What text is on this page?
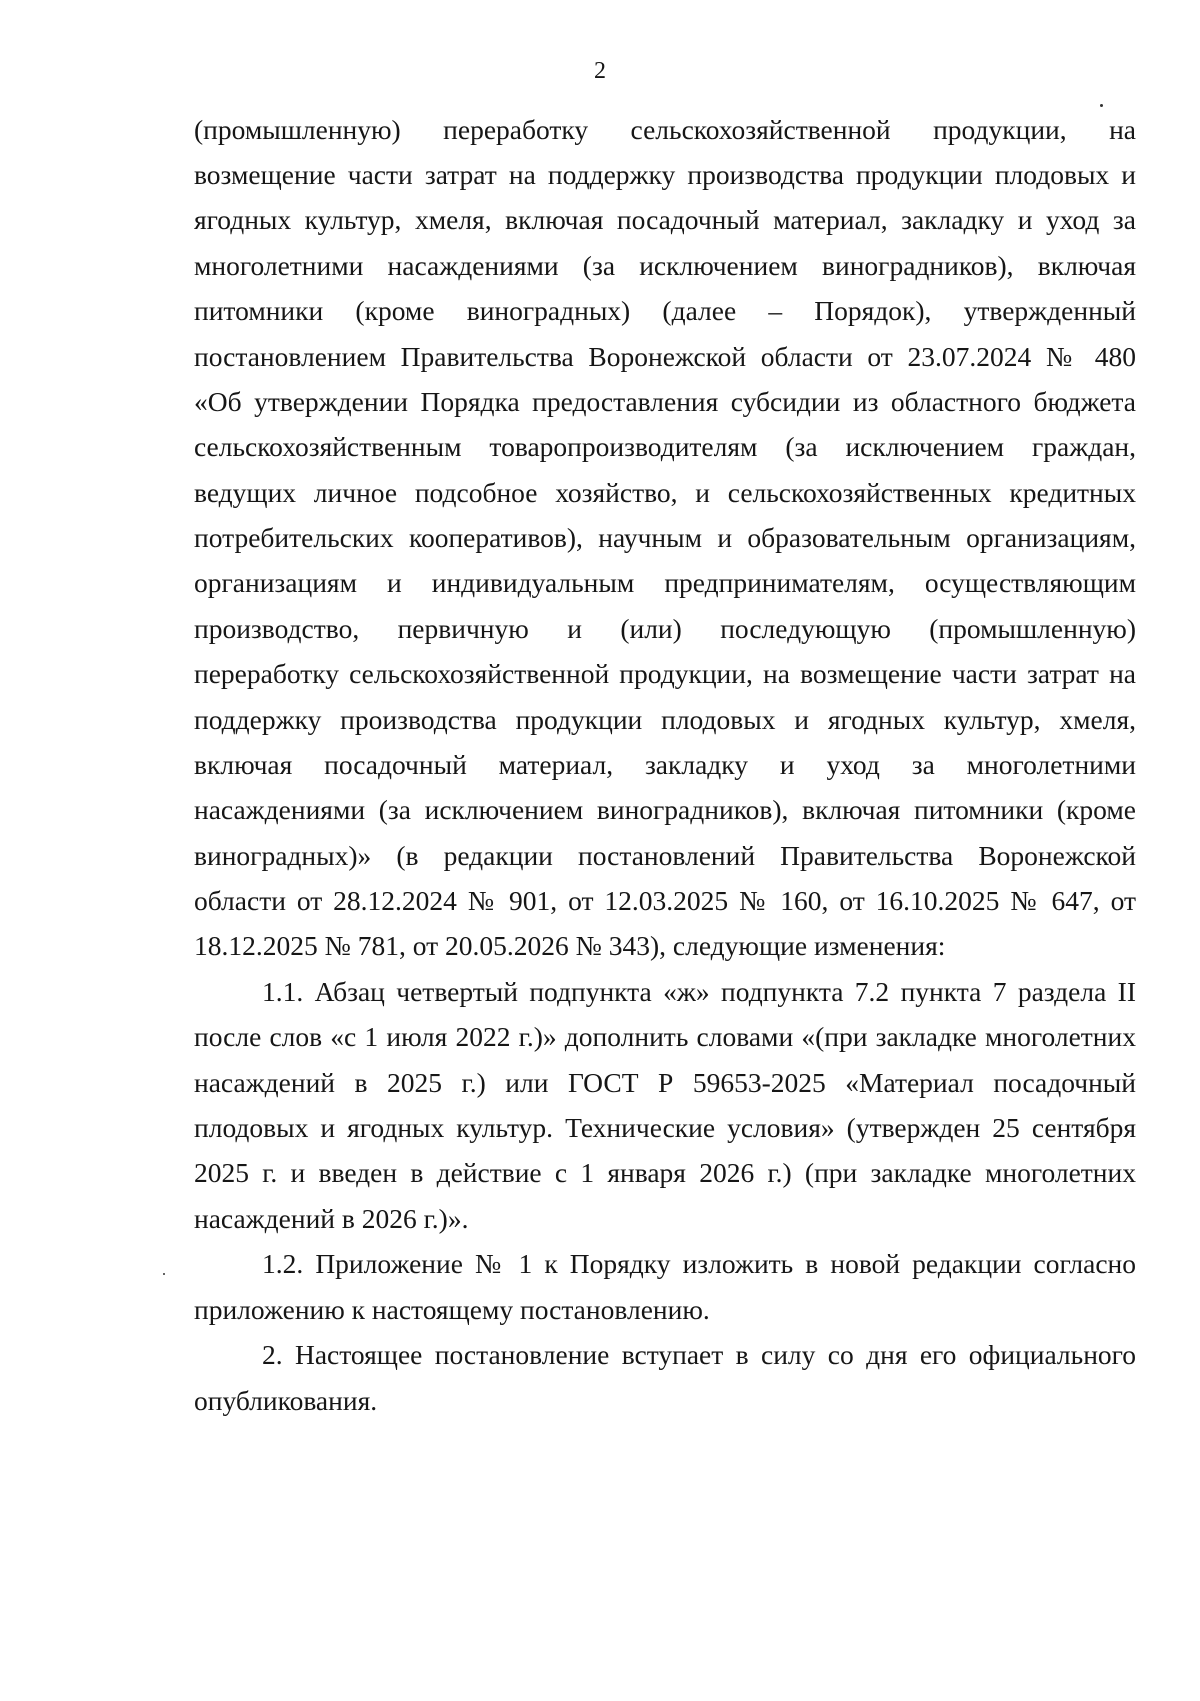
2
(промышленную) переработку сельскохозяйственной продукции, на
возмещение части затрат на поддержку производства продукции плодовых и
ягодных культур, хмеля, включая посадочный материал, закладку и уход за
многолетними насаждениями (за исключением виноградников), включая
питомники (кроме виноградных) (далее – Порядок), утвержденный
постановлением Правительства Воронежской области от 23.07.2024 № 480
«Об утверждении Порядка предоставления субсидии из областного бюджета
сельскохозяйственным товаропроизводителям (за исключением граждан,
ведущих личное подсобное хозяйство, и сельскохозяйственных кредитных
потребительских кооперативов), научным и образовательным организациям,
организациям и индивидуальным предпринимателям, осуществляющим
производство, первичную и (или) последующую (промышленную)
переработку сельскохозяйственной продукции, на возмещение части затрат на
поддержку производства продукции плодовых и ягодных культур, хмеля,
включая посадочный материал, закладку и уход за многолетними
насаждениями (за исключением виноградников), включая питомники (кроме
виноградных)» (в редакции постановлений Правительства Воронежской
области от 28.12.2024 № 901, от 12.03.2025 № 160, от 16.10.2025 № 647, от
18.12.2025 № 781, от 20.05.2026 № 343), следующие изменения:
1.1. Абзац четвертый подпункта «ж» подпункта 7.2 пункта 7 раздела II
после слов «с 1 июля 2022 г.)» дополнить словами «(при закладке многолетних
насаждений в 2025 г.) или ГОСТ Р 59653-2025 «Материал посадочный
плодовых и ягодных культур. Технические условия» (утвержден 25 сентября
2025 г. и введен в действие с 1 января 2026 г.) (при закладке многолетних
насаждений в 2026 г.)».
1.2. Приложение № 1 к Порядку изложить в новой редакции согласно
приложению к настоящему постановлению.
2. Настоящее постановление вступает в силу со дня его официального
опубликования.
